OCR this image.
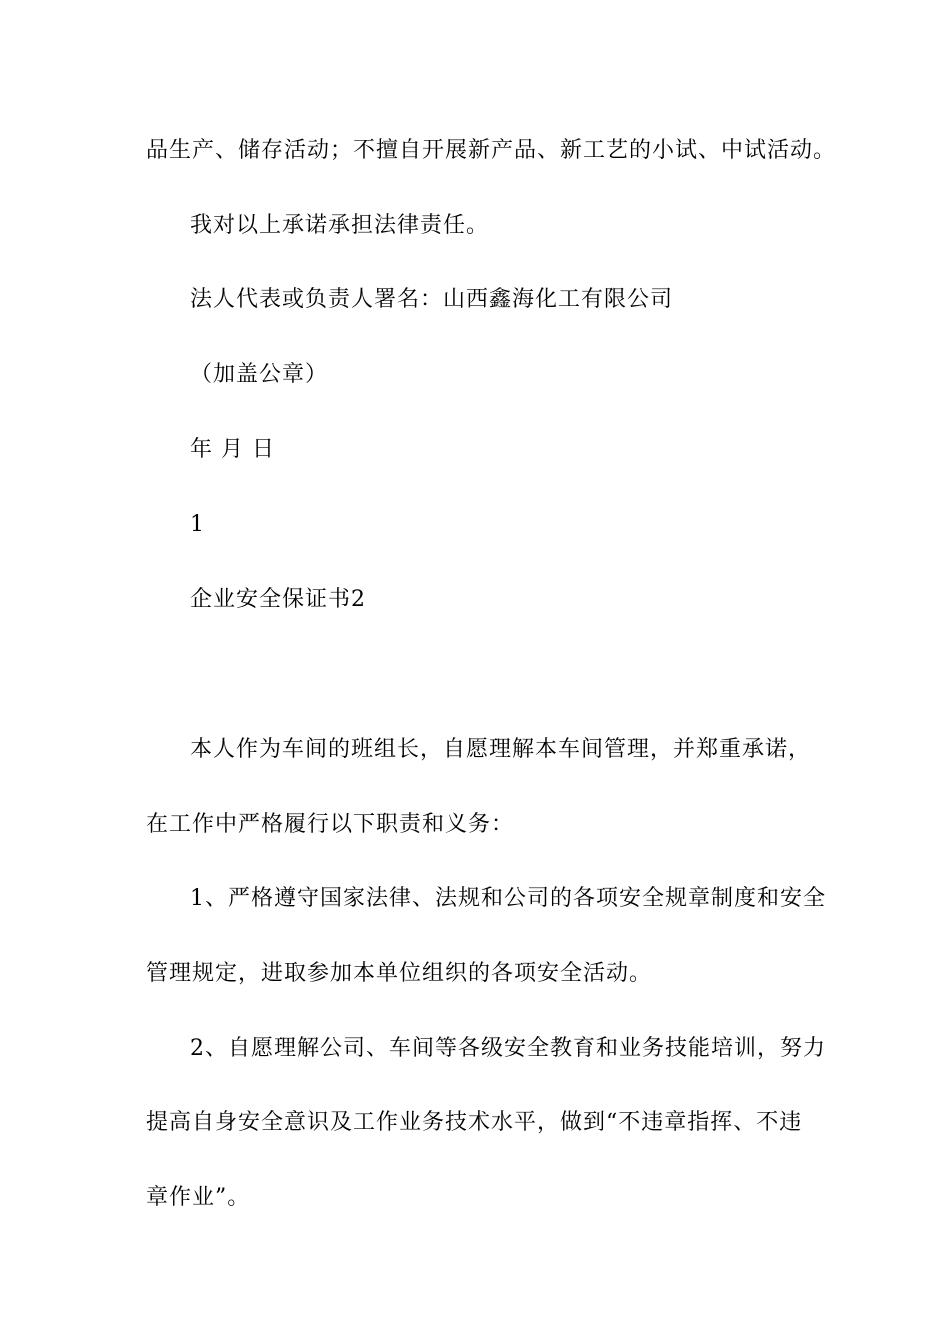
品生产、储存活动；不擅自开展新产品、新工艺的小试、中试活动。
我对以上承诺承担法律责任。
法人代表或负责人署名：山西鑫海化工有限公司
（加盖公章）
年 月 日
1
企业安全保证书2
本人作为车间的班组长，自愿理解本车间管理，并郑重承诺，
在工作中严格履行以下职责和义务：
1、严格遵守国家法律、法规和公司的各项安全规章制度和安全
管理规定，进取参加本单位组织的各项安全活动。
2、自愿理解公司、车间等各级安全教育和业务技能培训，努力
提高自身安全意识及工作业务技术水平，做到“不违章指挥、不违
章作业”。
